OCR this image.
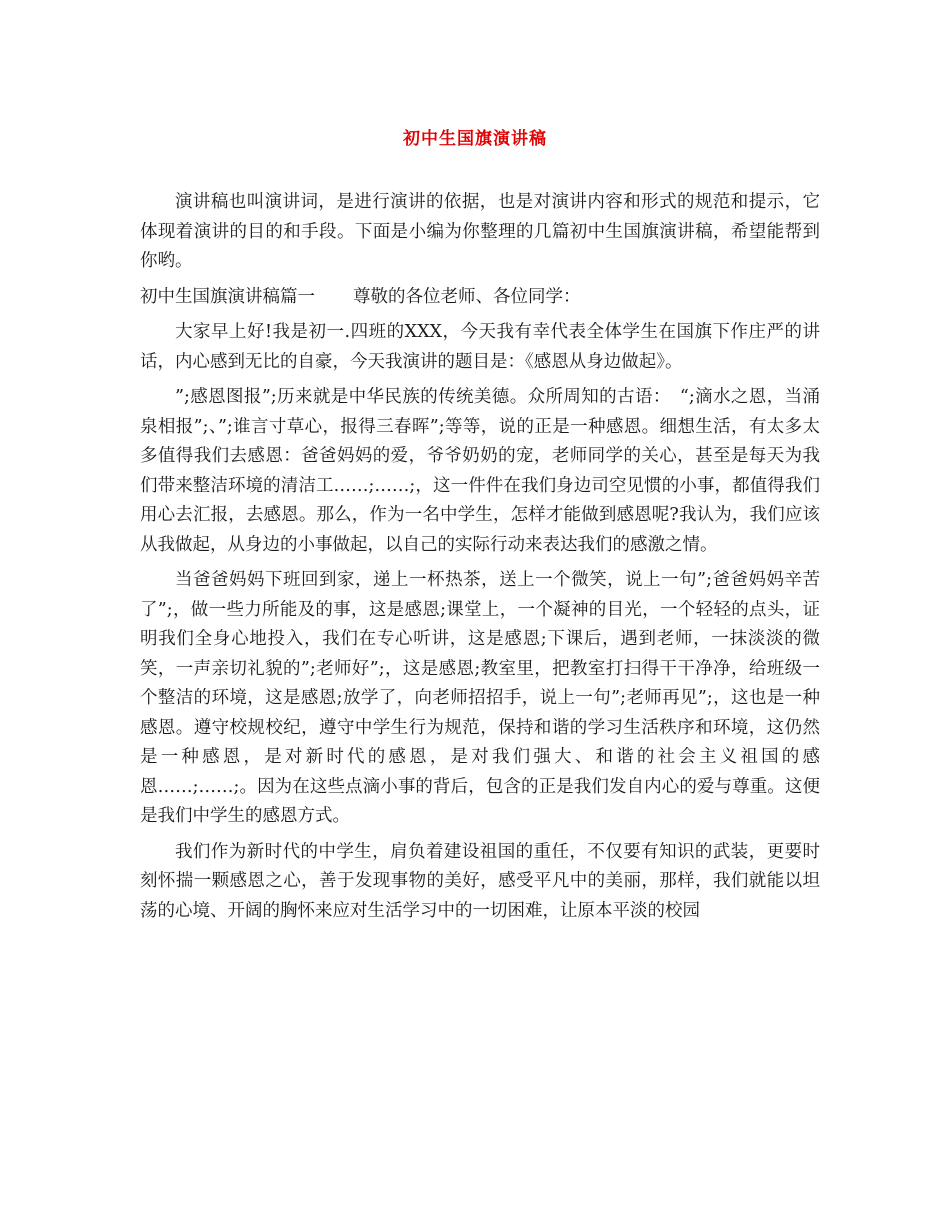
初中生国旗演讲稿

演讲稿也叫演讲词，是进行演讲的依据，也是对演讲内容和形式的规范和提示，它体现着演讲的目的和手段。下面是小编为你整理的几篇初中生国旗演讲稿，希望能帮到你哟。

初中生国旗演讲稿篇一 尊敬的各位老师、各位同学：

大家早上好!我是初一.四班的XXX，今天我有幸代表全体学生在国旗下作庄严的讲话，内心感到无比的自豪，今天我演讲的题目是：《感恩从身边做起》。

”;感恩图报”;历来就是中华民族的传统美德。众所周知的古语：　“;滴水之恩，当涌泉相报”;、”;谁言寸草心，报得三春晖”;等等，说的正是一种感恩。细想生活，有太多太多值得我们去感恩：爸爸妈妈的爱，爷爷奶奶的宠，老师同学的关心，甚至是每天为我们带来整洁环境的清洁工……;……;，这一件件在我们身边司空见惯的小事，都值得我们用心去汇报，去感恩。那么，作为一名中学生，怎样才能做到感恩呢?我认为，我们应该从我做起，从身边的小事做起，以自己的实际行动来表达我们的感激之情。

当爸爸妈妈下班回到家，递上一杯热茶，送上一个微笑，说上一句”;爸爸妈妈辛苦了”;，做一些力所能及的事，这是感恩;课堂上，一个凝神的目光，一个轻轻的点头，证明我们全身心地投入，我们在专心听讲，这是感恩;下课后，遇到老师，一抹淡淡的微笑，一声亲切礼貌的”;老师好”;，这是感恩;教室里，把教室打扫得干干净净，给班级一个整洁的环境，这是感恩;放学了，向老师招招手，说上一句”;老师再见”;，这也是一种感恩。遵守校规校纪，遵守中学生行为规范，保持和谐的学习生活秩序和环境，这仍然是一种感恩，是对新时代的感恩，是对我们强大、和谐的社会主义祖国的感恩……;……;。因为在这些点滴小事的背后，包含的正是我们发自内心的爱与尊重。这便是我们中学生的感恩方式。

我们作为新时代的中学生，肩负着建设祖国的重任，不仅要有知识的武装，更要时刻怀揣一颗感恩之心，善于发现事物的美好，感受平凡中的美丽，那样，我们就能以坦荡的心境、开阔的胸怀来应对生活学习中的一切困难，让原本平淡的校园
